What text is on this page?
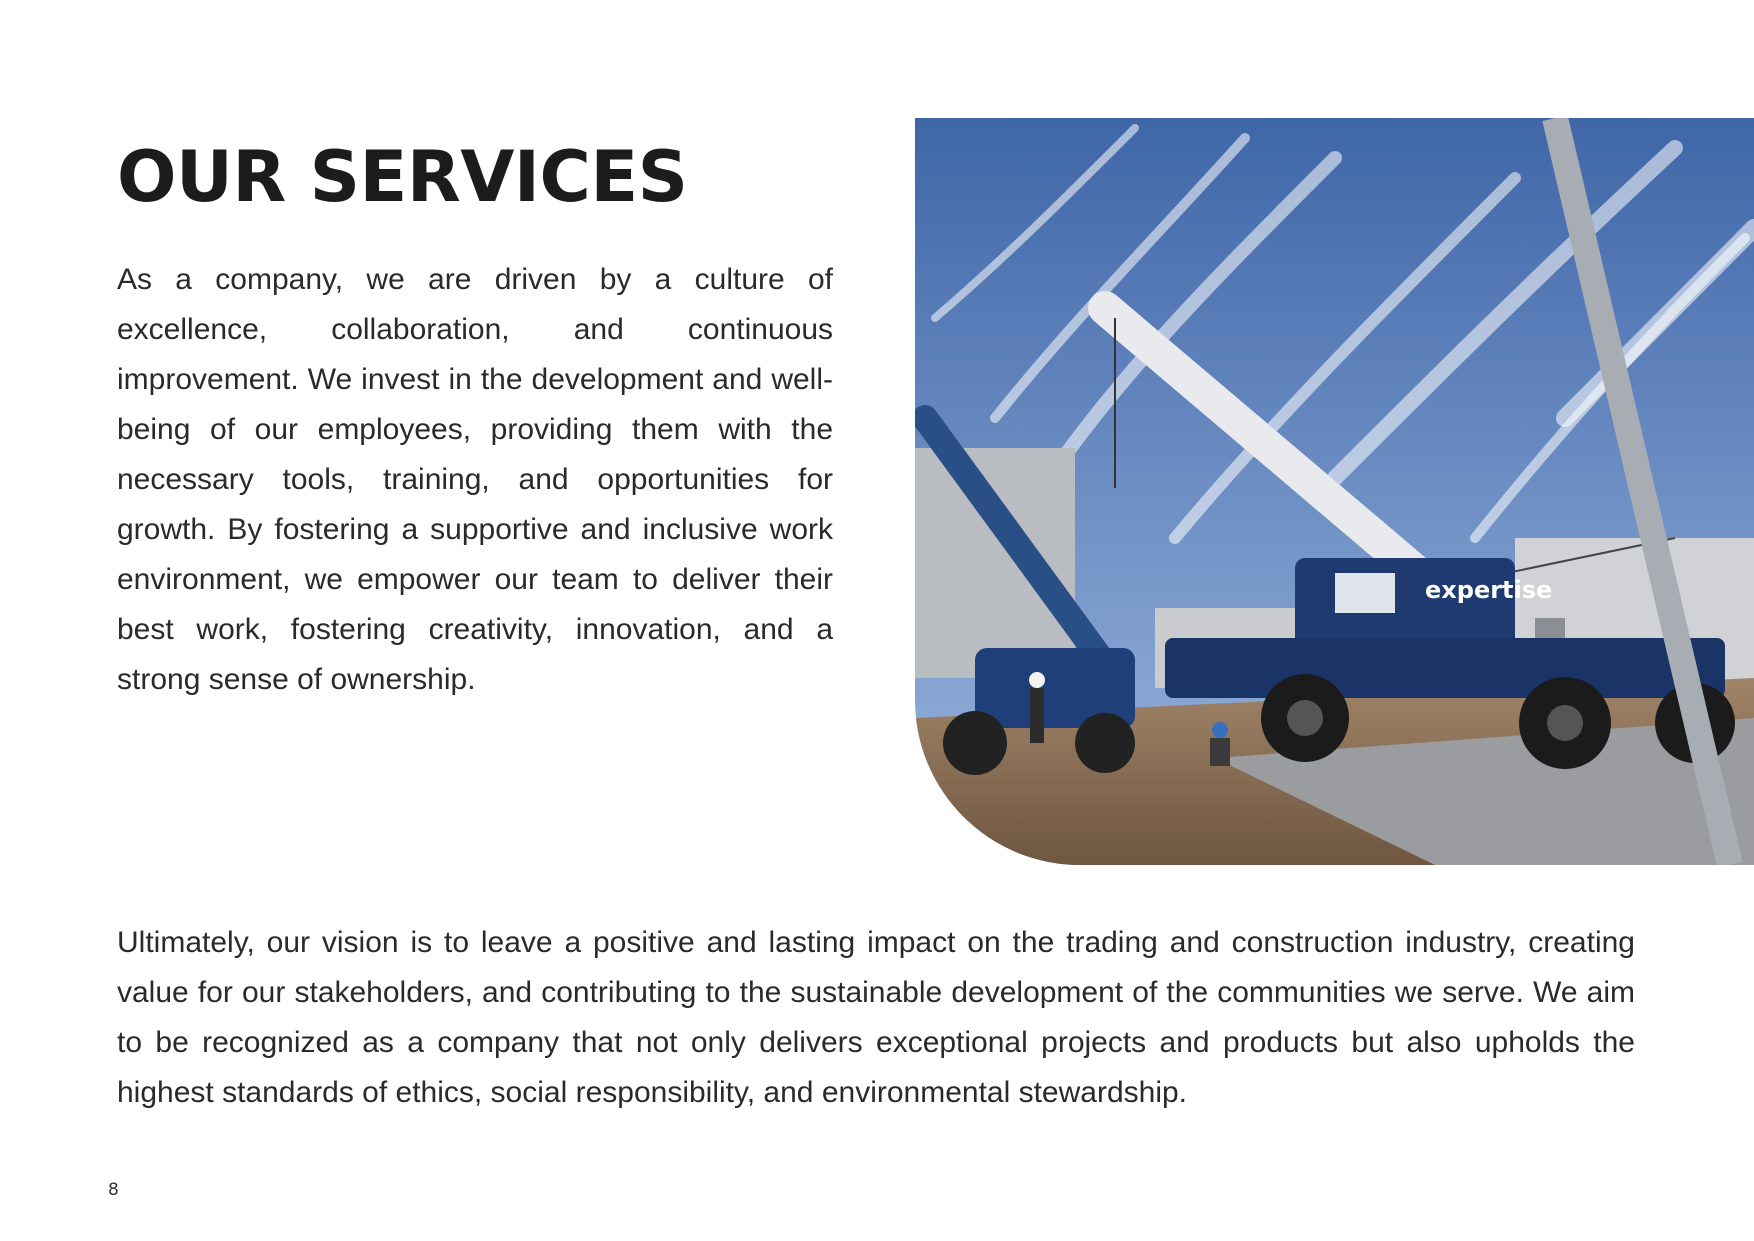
OUR SERVICES

As a company, we are driven by a culture of excellence, collaboration, and continuous improvement. We invest in the development and well-being of our employees, providing them with the necessary tools, training, and opportunities for growth. By fostering a supportive and inclusive work environment, we empower our team to deliver their best work, fostering creativity, innovation, and a strong sense of ownership.

expertise

Ultimately, our vision is to leave a positive and lasting impact on the trading and construction industry, creating value for our stakeholders, and contributing to the sustainable development of the communities we serve. We aim to be recognized as a company that not only delivers exceptional projects and products but also upholds the highest standards of ethics, social responsibility, and environmental stewardship.

8
